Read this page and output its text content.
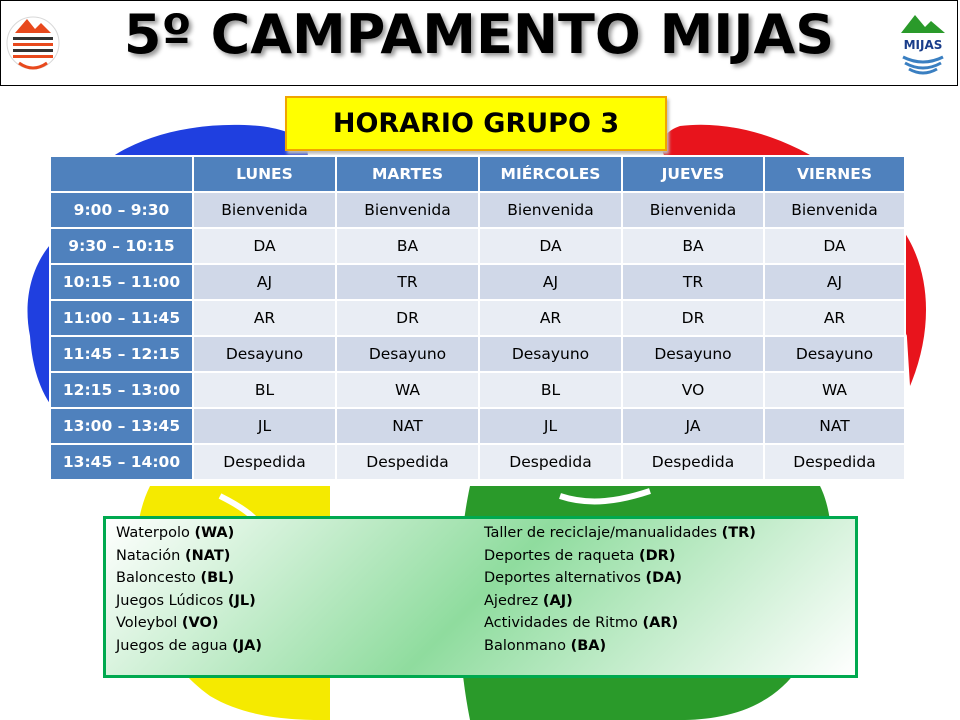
5º CAMPAMENTO MIJAS	MIJAS
HORARIO GRUPO 3
	LUNES	MARTES	MIÉRCOLES	JUEVES	VIERNES
9:00 – 9:30	Bienvenida	Bienvenida	Bienvenida	Bienvenida	Bienvenida
9:30 – 10:15	DA	BA	DA	BA	DA
10:15 – 11:00	AJ	TR	AJ	TR	AJ
11:00 – 11:45	AR	DR	AR	DR	AR
11:45 – 12:15	Desayuno	Desayuno	Desayuno	Desayuno	Desayuno
12:15 – 13:00	BL	WA	BL	VO	WA
13:00 – 13:45	JL	NAT	JL	JA	NAT
13:45 – 14:00	Despedida	Despedida	Despedida	Despedida	Despedida
Waterpolo (WA)
Natación (NAT)
Baloncesto (BL)
Juegos Lúdicos (JL)
Voleybol (VO)
Juegos de agua (JA)
Taller de reciclaje/manualidades (TR)
Deportes de raqueta (DR)
Deportes alternativos (DA)
Ajedrez (AJ)
Actividades de Ritmo (AR)
Balonmano (BA)
